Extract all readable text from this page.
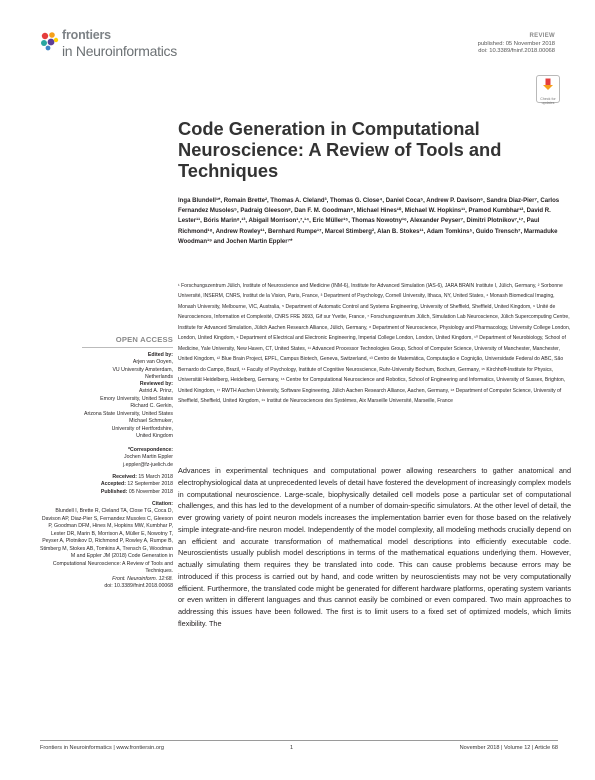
frontiers
in Neuroinformatics
REVIEW
published: 05 November 2018
doi: 10.3389/fninf.2018.00068
Check for updates
Code Generation in Computational Neuroscience: A Review of Tools and Techniques
Inga Blundell¹*, Romain Brette², Thomas A. Cleland³, Thomas G. Close⁴, Daniel Coca⁵, Andrew P. Davison⁶, Sandra Diaz-Pier⁷, Carlos Fernandez Musoles⁵, Padraig Gleeson⁸, Dan F. M. Goodman⁹, Michael Hines¹⁰, Michael W. Hopkins¹¹, Pramod Kumbhar¹², David R. Lester¹¹, Bóris Marin⁸,¹³, Abigail Morrison¹,⁷,¹⁴, Eric Müller¹⁵, Thomas Nowotny¹⁶, Alexander Peyser⁷, Dimitri Plotnikov⁷,¹⁷, Paul Richmond¹⁸, Andrew Rowley¹¹, Bernhard Rumpe¹⁷, Marcel Stimberg², Alan B. Stokes¹¹, Adam Tomkins⁵, Guido Trensch⁷, Marmaduke Woodman¹⁹ and Jochen Martin Eppler⁷*
¹ Forschungszentrum Jülich, Institute of Neuroscience and Medicine (INM-6), Institute for Advanced Simulation (IAS-6), JARA BRAIN Institute I, Jülich, Germany, ² Sorbonne Université, INSERM, CNRS, Institut de la Vision, Paris, France, ³ Department of Psychology, Cornell University, Ithaca, NY, United States, ⁴ Monash Biomedical Imaging, Monash University, Melbourne, VIC, Australia, ⁵ Department of Automatic Control and Systems Engineering, University of Sheffield, Sheffield, United Kingdom, ⁶ Unité de Neurosciences, Information et Complexité, CNRS FRE 3693, Gif sur Yvette, France, ⁷ Forschungszentrum Jülich, Simulation Lab Neuroscience, Jülich Supercomputing Centre, Institute for Advanced Simulation, Jülich Aachen Research Alliance, Jülich, Germany, ⁸ Department of Neuroscience, Physiology and Pharmacology, University College London, London, United Kingdom, ⁹ Department of Electrical and Electronic Engineering, Imperial College London, London, United Kingdom, ¹⁰ Department of Neurobiology, School of Medicine, Yale University, New Haven, CT, United States, ¹¹ Advanced Processor Technologies Group, School of Computer Science, University of Manchester, Manchester, United Kingdom, ¹² Blue Brain Project, EPFL, Campus Biotech, Geneva, Switzerland, ¹³ Centro de Matemática, Computação e Cognição, Universidade Federal do ABC, São Bernardo do Campo, Brazil, ¹⁴ Faculty of Psychology, Institute of Cognitive Neuroscience, Ruhr-University Bochum, Bochum, Germany, ¹⁵ Kirchhoff-Institute for Physics, Universität Heidelberg, Heidelberg, Germany, ¹⁶ Centre for Computational Neuroscience and Robotics, School of Engineering and Informatics, University of Sussex, Brighton, United Kingdom, ¹⁷ RWTH Aachen University, Software Engineering, Jülich Aachen Research Alliance, Aachen, Germany, ¹⁸ Department of Computer Science, University of Sheffield, Sheffield, United Kingdom, ¹⁹ Institut de Neurosciences des Systèmes, Aix Marseille Université, Marseille, France
OPEN ACCESS
Edited by:
Arjen van Ooyen,
VU University Amsterdam,
Netherlands
Reviewed by:
Astrid A. Prinz,
Emory University, United States
Richard C. Gerkin,
Arizona State University, United States
Michael Schmuker,
University of Hertfordshire,
United Kingdom
*Correspondence:
Jochen Martin Eppler
j.eppler@fz-juelich.de
Received: 15 March 2018
Accepted: 12 September 2018
Published: 05 November 2018
Citation:
Blundell I, Brette R, Cleland TA, Close TG, Coca D, Davison AP, Diaz-Pier S, Fernandez Musoles C, Gleeson P, Goodman DFM, Hines M, Hopkins MW, Kumbhar P, Lester DR, Marin B, Morrison A, Müller E, Nowotny T, Peyser A, Plotnikov D, Richmond P, Rowley A, Rumpe B, Stimberg M, Stokes AB, Tomkins A, Trensch G, Woodman M and Eppler JM (2018) Code Generation in Computational Neuroscience: A Review of Tools and Techniques.
Front. Neuroinform. 12:68.
doi: 10.3389/fninf.2018.00068
Advances in experimental techniques and computational power allowing researchers to gather anatomical and electrophysiological data at unprecedented levels of detail have fostered the development of increasingly complex models in computational neuroscience. Large-scale, biophysically detailed cell models pose a particular set of computational challenges, and this has led to the development of a number of domain-specific simulators. At the other level of detail, the ever growing variety of point neuron models increases the implementation barrier even for those based on the relatively simple integrate-and-fire neuron model. Independently of the model complexity, all modeling methods crucially depend on an efficient and accurate transformation of mathematical model descriptions into efficiently executable code. Neuroscientists usually publish model descriptions in terms of the mathematical equations underlying them. However, actually simulating them requires they be translated into code. This can cause problems because errors may be introduced if this process is carried out by hand, and code written by neuroscientists may not be very computationally efficient. Furthermore, the translated code might be generated for different hardware platforms, operating system variants or even written in different languages and thus cannot easily be combined or even compared. Two main approaches to addressing this issues have been followed. The first is to limit users to a fixed set of optimized models, which limits flexibility. The
Frontiers in Neuroinformatics | www.frontiersin.org	1	November 2018 | Volume 12 | Article 68
